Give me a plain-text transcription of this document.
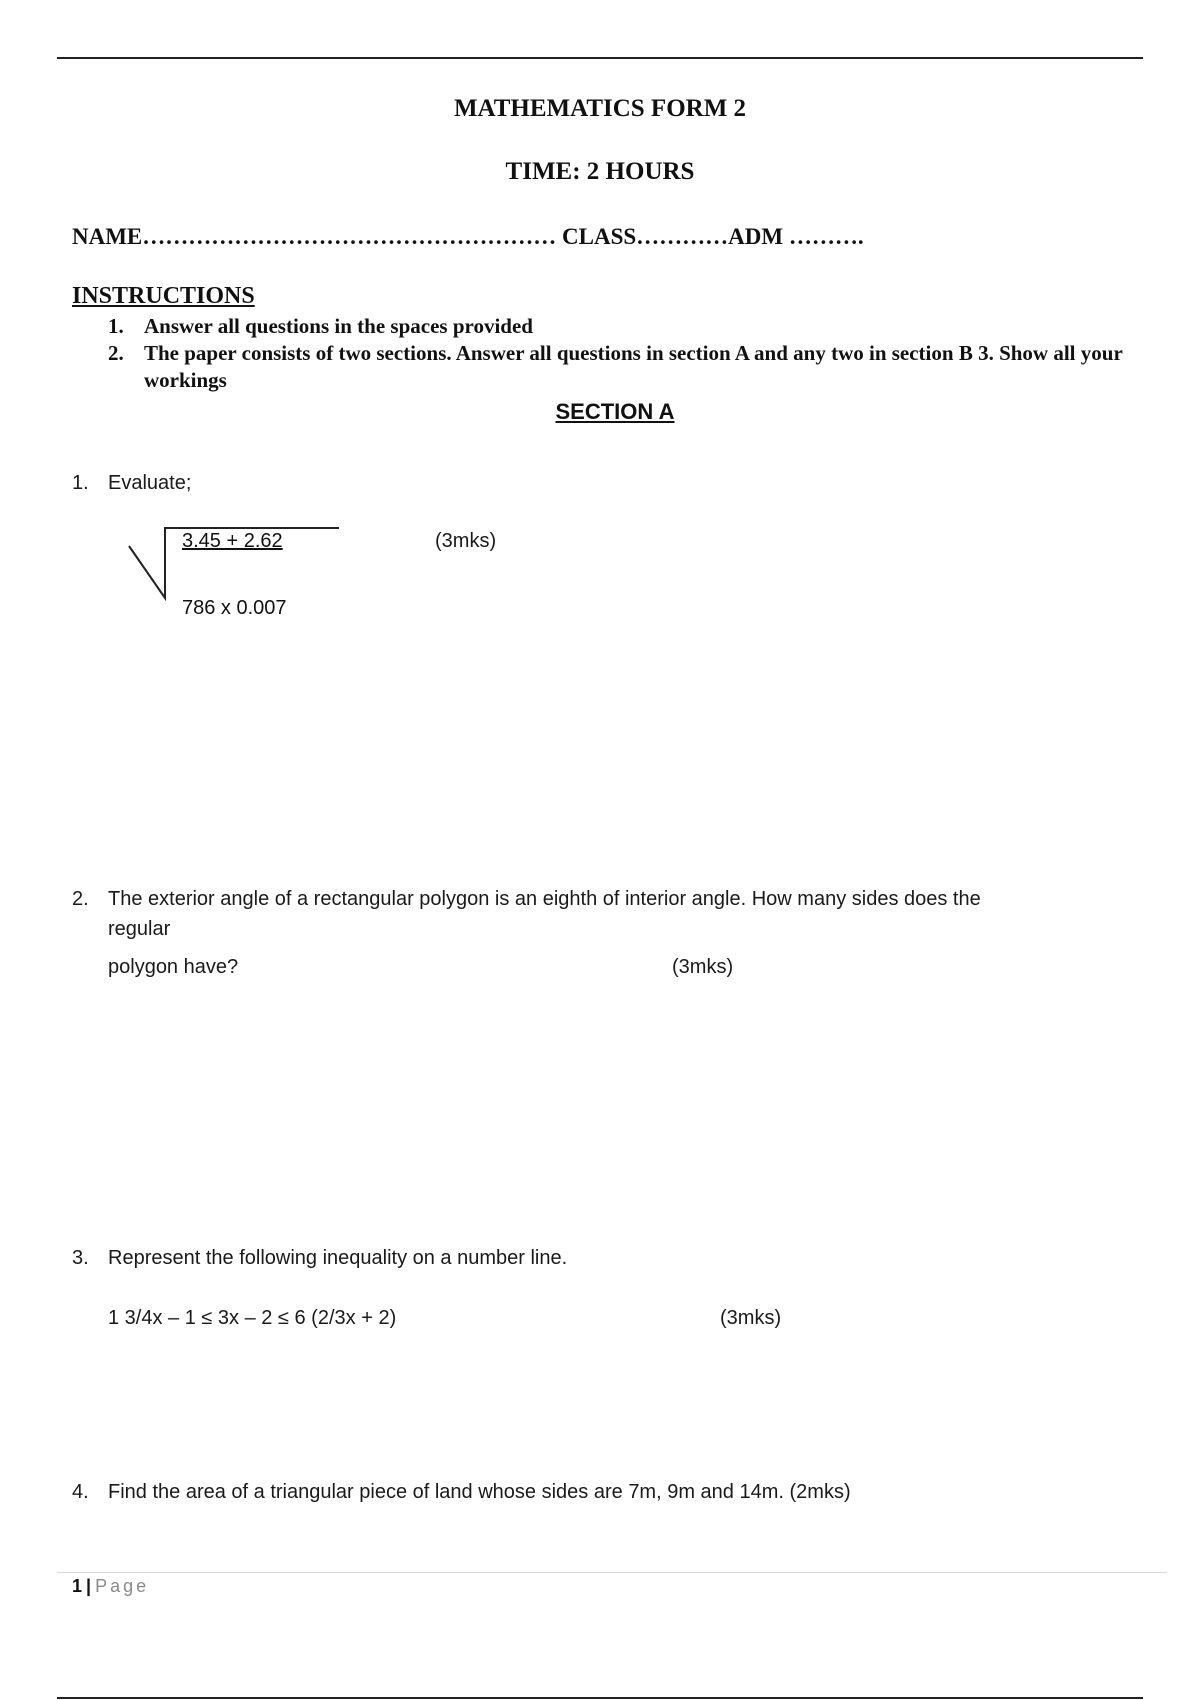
MATHEMATICS FORM 2
TIME: 2 HOURS
NAME……………………………………………… CLASS…………ADM ……….
INSTRUCTIONS
1. Answer all questions in the spaces provided
2. The paper consists of two sections. Answer all questions in section A and any two in section B 3. Show all your workings
SECTION A
1. Evaluate;
3.45 + 2.62
786 x 0.007
(3mks)
2. The exterior angle of a rectangular polygon is an eighth of interior angle. How many sides does the
regular
polygon have?	(3mks)
3. Represent the following inequality on a number line.
1 3/4x – 1 ≤ 3x – 2 ≤ 6 (2/3x + 2)	(3mks)
4. Find the area of a triangular piece of land whose sides are 7m, 9m and 14m. (2mks)
1 | Page
